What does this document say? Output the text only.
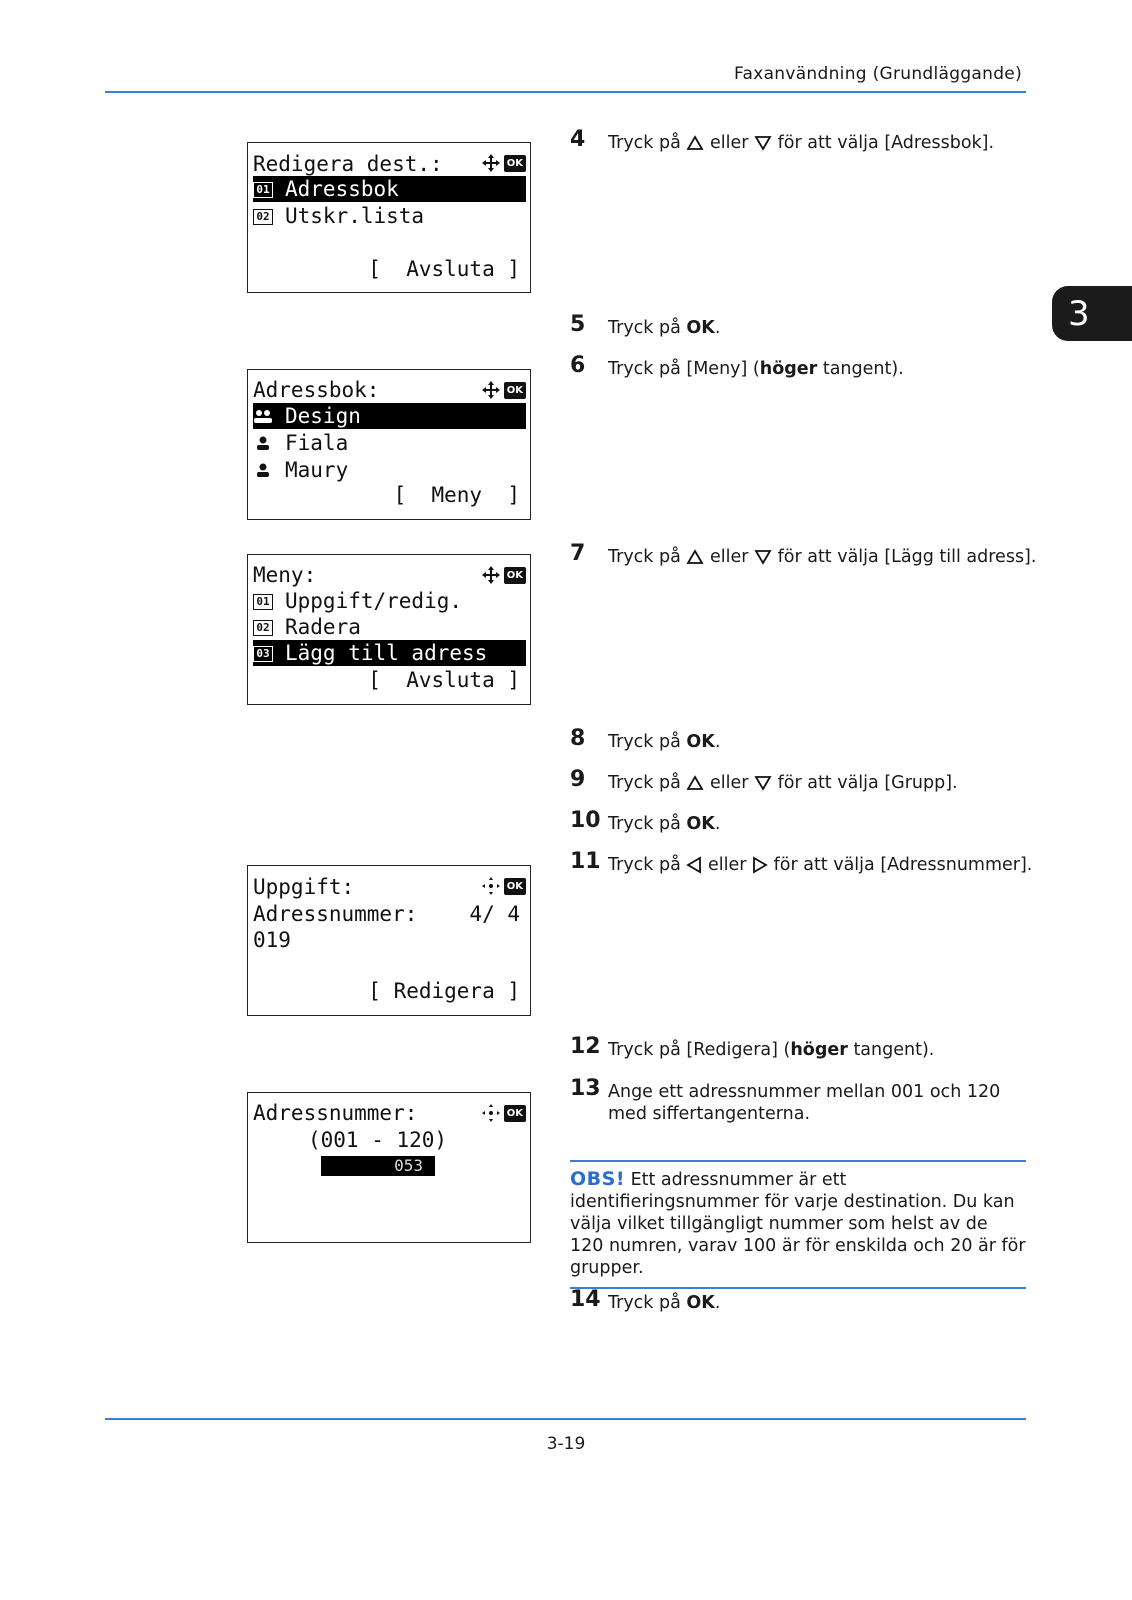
Faxanvändning (Grundläggande)
3
Redigera dest.:	OK
01 Adressbok
02 Utskr.lista
[  Avsluta ]
Adressbok:	OK
Design
Fiala
Maury
[  Meny  ]
Meny:	OK
01 Uppgift/redig.
02 Radera
03 Lägg till adress
[  Avsluta ]
Uppgift:	OK
Adressnummer: 4/ 4
019
[ Redigera ]
Adressnummer:	OK
(001 - 120)
053
4 Tryck på eller för att välja [Adressbok].
5 Tryck på OK.
6 Tryck på [Meny] (höger tangent).
7 Tryck på eller för att välja [Lägg till adress].
8 Tryck på OK.
9 Tryck på eller för att välja [Grupp].
10 Tryck på OK.
11 Tryck på eller för att välja [Adressnummer].
12 Tryck på [Redigera] (höger tangent).
13 Ange ett adressnummer mellan 001 och 120 med siffertangenterna.
OBS! Ett adressnummer är ett identifieringsnummer för varje destination. Du kan välja vilket tillgängligt nummer som helst av de 120 numren, varav 100 är för enskilda och 20 är för grupper.
14 Tryck på OK.
3-19
